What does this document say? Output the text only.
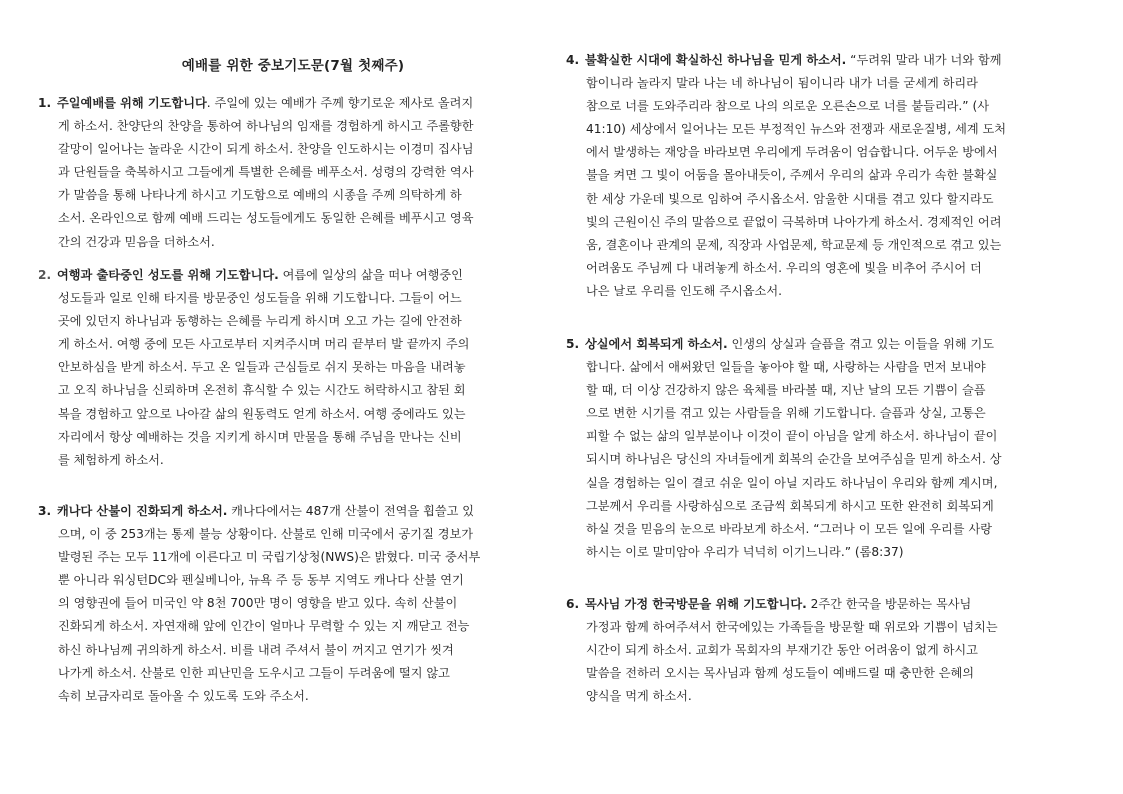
예배를 위한 중보기도문(7월 첫째주)
1. 주일예배를 위해 기도합니다. 주일에 있는 예배가 주께 향기로운 제사로 올려지
게 하소서. 찬양단의 찬양을 통하여 하나님의 임재를 경험하게 하시고 주롤향한
갈망이 일어나는 놀라운 시간이 되게 하소서. 찬양을 인도하시는 이경미 집사님
과 단원들을 축복하시고 그들에게 특별한 은혜를 베푸소서. 성령의 강력한 역사
가 말씀을 통해 나타나게 하시고 기도함으로 예배의 시종을 주께 의탁하게 하
소서. 온라인으로 함께 예배 드리는 성도들에게도 동일한 은혜를 베푸시고 영육
간의 건강과 믿음을 더하소서.
2. 여행과 출타중인 성도를 위해 기도합니다. 여름에 일상의 삶을 떠나 여행중인
성도들과 일로 인해 타지를 방문중인 성도들을 위해 기도합니다. 그들이 어느
곳에 있던지 하나님과 동행하는 은혜를 누리게 하시며 오고 가는 길에 안전하
게 하소서. 여행 중에 모든 사고로부터 지켜주시며 머리 끝부터 발 끝까지 주의
안보하심을 받게 하소서. 두고 온 일들과 근심들로 쉬지 못하는 마음을 내려놓
고 오직 하나님을 신뢰하며 온전히 휴식할 수 있는 시간도 허락하시고 참된 회
복을 경험하고 앞으로 나아갈 삶의 원동력도 얻게 하소서. 여행 중에라도 있는
자리에서 항상 예배하는 것을 지키게 하시며 만물을 통해 주님을 만나는 신비
를 체험하게 하소서.
3. 캐나다 산불이 진화되게 하소서. 캐나다에서는 487개 산불이 전역을 휩쓸고 있
으며, 이 중 253개는 통제 불능 상황이다. 산불로 인해 미국에서 공기질 경보가
발령된 주는 모두 11개에 이른다고 미 국립기상청(NWS)은 밝혔다. 미국 중서부
뿐 아니라 워싱턴DC와 펜실베니아, 뉴욕 주 등 동부 지역도 캐나다 산불 연기
의 영향권에 들어 미국인 약 8천 700만 명이 영향을 받고 있다. 속히 산불이
진화되게 하소서. 자연재해 앞에 인간이 얼마나 무력할 수 있는 지 깨닫고 전능
하신 하나님께 귀의하게 하소서. 비를 내려 주셔서 불이 꺼지고 연기가 씻겨
나가게 하소서. 산불로 인한 피난민을 도우시고 그들이 두려움에 떨지 않고
속히 보금자리로 돌아올 수 있도록 도와 주소서.
4. 불확실한 시대에 확실하신 하나님을 믿게 하소서. “두려워 말라 내가 너와 함께
함이니라 놀라지 말라 나는 네 하나님이 됨이니라 내가 너를 굳세게 하리라
참으로 너를 도와주리라 참으로 나의 의로운 오른손으로 너를 붙들리라.” (사
41:10) 세상에서 일어나는 모든 부정적인 뉴스와 전쟁과 새로운질병, 세계 도처
에서 발생하는 재앙을 바라보면 우리에게 두려움이 엄습합니다. 어두운 방에서
불을 켜면 그 빛이 어둠을 몰아내듯이, 주께서 우리의 삶과 우리가 속한 불확실
한 세상 가운데 빛으로 임하여 주시옵소서. 암울한 시대를 겪고 있다 할지라도
빛의 근원이신 주의 말씀으로 끝없이 극복하며 나아가게 하소서. 경제적인 어려
움, 결혼이나 관계의 문제, 직장과 사업문제, 학교문제 등 개인적으로 겪고 있는
어려움도 주님께 다 내려놓게 하소서. 우리의 영혼에 빛을 비추어 주시어 더
나은 날로 우리를 인도해 주시옵소서.
5. 상실에서 회복되게 하소서. 인생의 상실과 슬픔을 겪고 있는 이들을 위해 기도
합니다. 삶에서 애써왔던 일들을 놓아야 할 때, 사랑하는 사람을 먼저 보내야
할 때, 더 이상 건강하지 않은 육체를 바라볼 때, 지난 날의 모든 기쁨이 슬픔
으로 변한 시기를 겪고 있는 사람들을 위해 기도합니다. 슬픔과 상실, 고통은
피할 수 없는 삶의 일부분이나 이것이 끝이 아님을 알게 하소서. 하나님이 끝이
되시며 하나님은 당신의 자녀들에게 회복의 순간을 보여주심을 믿게 하소서. 상
실을 경험하는 일이 결코 쉬운 일이 아닐 지라도 하나님이 우리와 함께 계시며,
그분께서 우리를 사랑하심으로 조금씩 회복되게 하시고 또한 완전히 회복되게
하실 것을 믿음의 눈으로 바라보게 하소서. “그러나 이 모든 일에 우리를 사랑
하시는 이로 말미암아 우리가 넉넉히 이기느니라.” (롬8:37)
6. 목사님 가정 한국방문을 위해 기도합니다. 2주간 한국을 방문하는 목사님
가정과 함께 하여주셔서 한국에있는 가족들을 방문할 때 위로와 기쁨이 넘치는
시간이 되게 하소서. 교회가 목회자의 부재기간 동안 어려움이 없게 하시고
말씀을 전하러 오시는 목사님과 함께 성도들이 예배드릴 때 충만한 은혜의
양식을 먹게 하소서.
